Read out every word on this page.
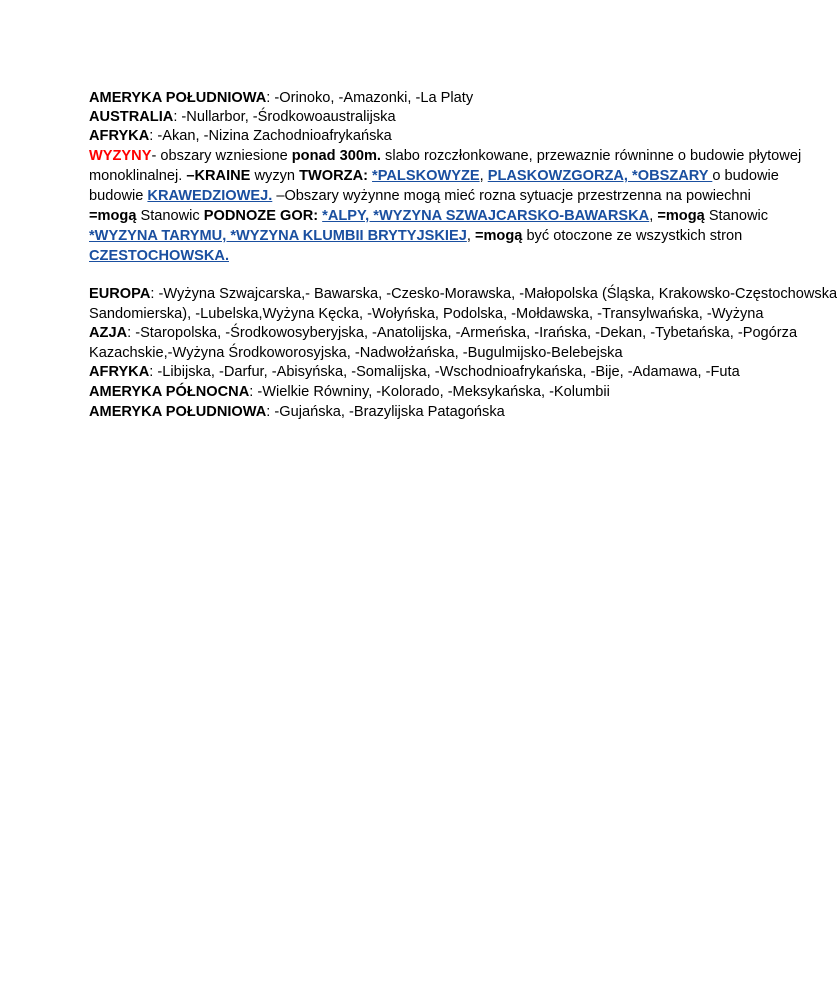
AMERYKA POŁUDNIOWA: -Orinoko, -Amazonki, -La Platy
AUSTRALIA: -Nullarbor, -Środkowoaustralijska
AFRYKA: -Akan, -Nizina Zachodnioafrykańska
WYZYNY- obszary wzniesione ponad 300m. slabo rozczłonkowane, przewaznie równinne o budowie płytowej
monoklinalnej. –KRAINE wyzyn TWORZA: *PALSKOWYZE, PLASKOWZGORZA, *OBSZARY o budowie
budowie KRAWEDZIOWEJ. –Obszary wyżynne mogą mieć rozna sytuacje przestrzenna na powiechni
=mogą Stanowic PODNOZE GOR: *ALPY, *WYZYNA SZWAJCARSKO-BAWARSKA, =mogą Stanowic
*WYZYNA TARYMU, *WYZYNA KLUMBII BRYTYJSKIEJ, =mogą być otoczone ze wszystkich stron
CZESTOCHOWSKA.
EUROPA: -Wyżyna Szwajcarska,- Bawarska, -Czesko-Morawska, -Małopolska (Śląska, Krakowsko-Częstochowska
Sandomierska), -Lubelska,Wyżyna Kęcka, -Wołyńska, Podolska, -Mołdawska, -Transylwańska, -Wyżyna
AZJA: -Staropolska, -Środkowosyberyjska, -Anatolijska, -Armeńska, -Irańska, -Dekan, -Tybetańska, -Pogórza
Kazachskie,-Wyżyna Środkoworosyjska, -Nadwołżańska, -Bugulmijsko-Belebejska
AFRYKA: -Libijska, -Darfur, -Abisyńska, -Somalijska, -Wschodnioafrykańska, -Bije, -Adamawa, -Futa
AMERYKA PÓŁNOCNA: -Wielkie Równiny, -Kolorado, -Meksykańska, -Kolumbii
AMERYKA POŁUDNIOWA: -Gujańska, -Brazylijska Patagońska
